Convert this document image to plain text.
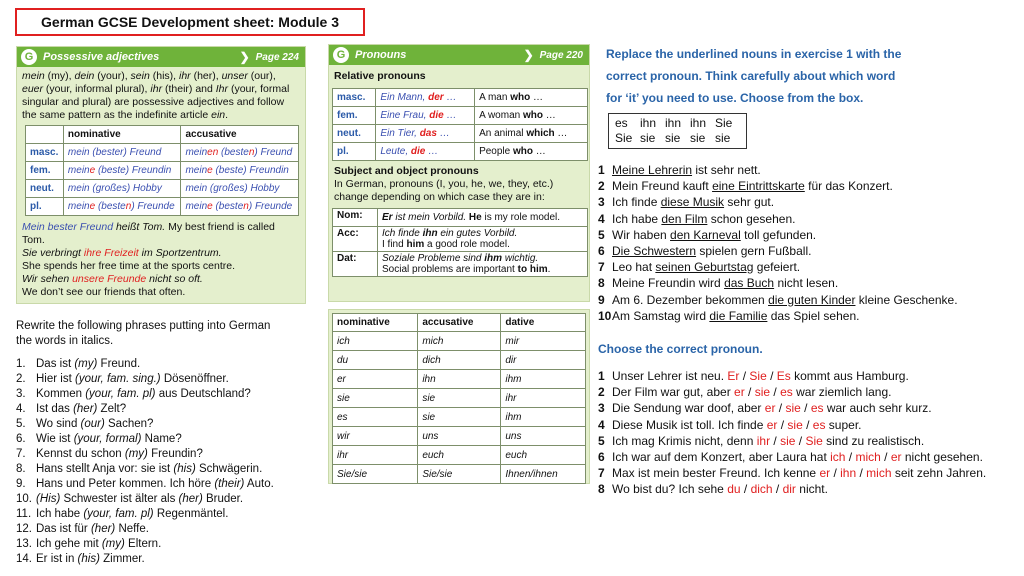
German GCSE Development sheet: Module 3
G Possessive adjectives	❯ Page 224
mein (my), dein (your), sein (his), ihr (her), unser (our),
euer (your, informal plural), ihr (their) and Ihr (your, formal
singular and plural) are possessive adjectives and follow
the same pattern as the indefinite article ein.
	nominative	accusative
masc.	mein (bester) Freund	meinen (besten) Freund
fem.	meine (beste) Freundin	meine (beste) Freundin
neut.	mein (großes) Hobby	mein (großes) Hobby
pl.	meine (besten) Freunde	meine (besten) Freunde
Mein bester Freund heißt Tom. My best friend is called Tom.
Sie verbringt ihre Freizeit im Sportzentrum.
She spends her free time at the sports centre.
Wir sehen unsere Freunde nicht so oft.
We don’t see our friends that often.
Rewrite the following phrases putting into German
the words in italics.
1. Das ist (my) Freund.
2. Hier ist (your, fam. sing.) Dösenöffner.
3. Kommen (your, fam. pl) aus Deutschland?
4. Ist das (her) Zelt?
5. Wo sind (our) Sachen?
6. Wie ist (your, formal) Name?
7. Kennst du schon (my) Freundin?
8. Hans stellt Anja vor: sie ist (his) Schwägerin.
9. Hans und Peter kommen. Ich höre (their) Auto.
10. (His) Schwester ist älter als (her) Bruder.
11. Ich habe (your, fam. pl) Regenmäntel.
12. Das ist für (her) Neffe.
13. Ich gehe mit (my) Eltern.
14. Er ist in (his) Zimmer.
G Pronouns	❯ Page 220
Relative pronouns
masc.	Ein Mann, der …	A man who …
fem.	Eine Frau, die …	A woman who …
neut.	Ein Tier, das …	An animal which …
pl.	Leute, die …	People who …
Subject and object pronouns
In German, pronouns (I, you, he, we, they, etc.)
change depending on which case they are in:
Nom:	Er ist mein Vorbild. He is my role model.

Acc:	Ich finde ihn ein gutes Vorbild.
I find him a good role model.

Dat:	Soziale Probleme sind ihm wichtig.
Social problems are important to him.
nominative	accusative	dative
ich	mich	mir
du	dich	dir
er	ihn	ihm
sie	sie	ihr
es	sie	ihm
wir	uns	uns
ihr	euch	euch
Sie/sie	Sie/sie	Ihnen/ihnen
Replace the underlined nouns in exercise 1 with the
correct pronoun. Think carefully about which word
for ‘it’ you need to use. Choose from the box.
es ihn ihn ihn Sie
Sie sie sie sie sie
1 Meine Lehrerin ist sehr nett.
2 Mein Freund kauft eine Eintrittskarte für das Konzert.
3 Ich finde diese Musik sehr gut.
4 Ich habe den Film schon gesehen.
5 Wir haben den Karneval toll gefunden.
6 Die Schwestern spielen gern Fußball.
7 Leo hat seinen Geburtstag gefeiert.
8 Meine Freundin wird das Buch nicht lesen.
9 Am 6. Dezember bekommen die guten Kinder kleine Geschenke.
10Am Samstag wird die Familie das Spiel sehen.
Choose the correct pronoun.
1 Unser Lehrer ist neu. Er / Sie / Es kommt aus Hamburg.
2 Der Film war gut, aber er / sie / es war ziemlich lang.
3 Die Sendung war doof, aber er / sie / es war auch sehr kurz.
4 Diese Musik ist toll. Ich finde er / sie / es super.
5 Ich mag Krimis nicht, denn ihr / sie / Sie sind zu realistisch.
6 Ich war auf dem Konzert, aber Laura hat ich / mich / er nicht gesehen.
7 Max ist mein bester Freund. Ich kenne er / ihn / mich seit zehn Jahren.
8 Wo bist du? Ich sehe du / dich / dir nicht.
